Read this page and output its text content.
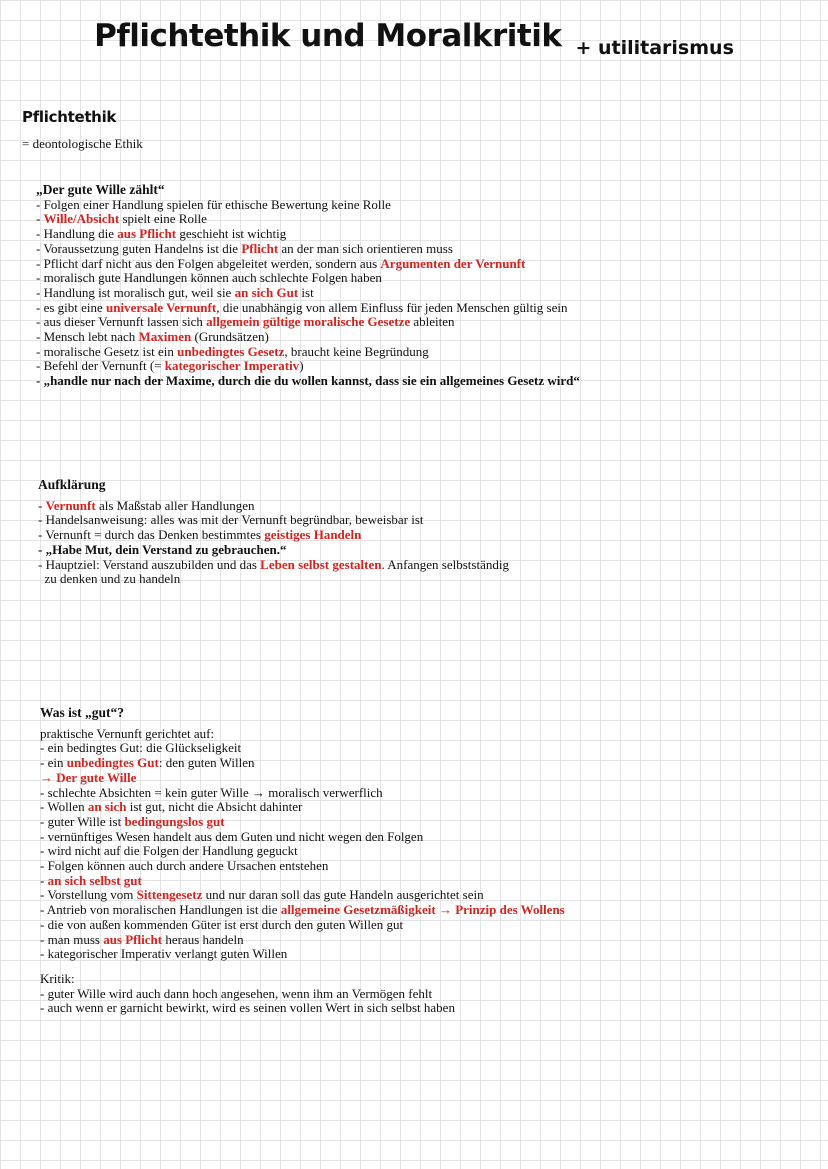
Pflichtethik und Moralkritik + utilitarismus
Pflichtethik
= deontologische Ethik
„Der gute Wille zählt“
- Folgen einer Handlung spielen für ethische Bewertung keine Rolle
- Wille/Absicht spielt eine Rolle
- Handlung die aus Pflicht geschieht ist wichtig
- Voraussetzung guten Handelns ist die Pflicht an der man sich orientieren muss
- Pflicht darf nicht aus den Folgen abgeleitet werden, sondern aus Argumenten der Vernunft
- moralisch gute Handlungen können auch schlechte Folgen haben
- Handlung ist moralisch gut, weil sie an sich Gut ist
- es gibt eine universale Vernunft, die unabhängig von allem Einfluss für jeden Menschen gültig sein
- aus dieser Vernunft lassen sich allgemein gültige moralische Gesetze ableiten
- Mensch lebt nach Maximen (Grundsätzen)
- moralische Gesetz ist ein unbedingtes Gesetz, braucht keine Begründung
- Befehl der Vernunft (= kategorischer Imperativ)
- „handle nur nach der Maxime, durch die du wollen kannst, dass sie ein allgemeines Gesetz wird“
Aufklärung
- Vernunft als Maßstab aller Handlungen
- Handelsanweisung: alles was mit der Vernunft begründbar, beweisbar ist
- Vernunft = durch das Denken bestimmtes geistiges Handeln
- „Habe Mut, dein Verstand zu gebrauchen.“
- Hauptziel: Verstand auszubilden und das Leben selbst gestalten. Anfangen selbstständig
zu denken und zu handeln
Was ist „gut“?
praktische Vernunft gerichtet auf:
- ein bedingtes Gut: die Glückseligkeit
- ein unbedingtes Gut: den guten Willen
→ Der gute Wille
- schlechte Absichten = kein guter Wille → moralisch verwerflich
- Wollen an sich ist gut, nicht die Absicht dahinter
- guter Wille ist bedingungslos gut
- vernünftiges Wesen handelt aus dem Guten und nicht wegen den Folgen
- wird nicht auf die Folgen der Handlung geguckt
- Folgen können auch durch andere Ursachen entstehen
- an sich selbst gut
- Vorstellung vom Sittengesetz und nur daran soll das gute Handeln ausgerichtet sein
- Antrieb von moralischen Handlungen ist die allgemeine Gesetzmäßigkeit → Prinzip des Wollens
- die von außen kommenden Güter ist erst durch den guten Willen gut
- man muss aus Pflicht heraus handeln
- kategorischer Imperativ verlangt guten Willen
Kritik:
- guter Wille wird auch dann hoch angesehen, wenn ihm an Vermögen fehlt
- auch wenn er garnicht bewirkt, wird es seinen vollen Wert in sich selbst haben
